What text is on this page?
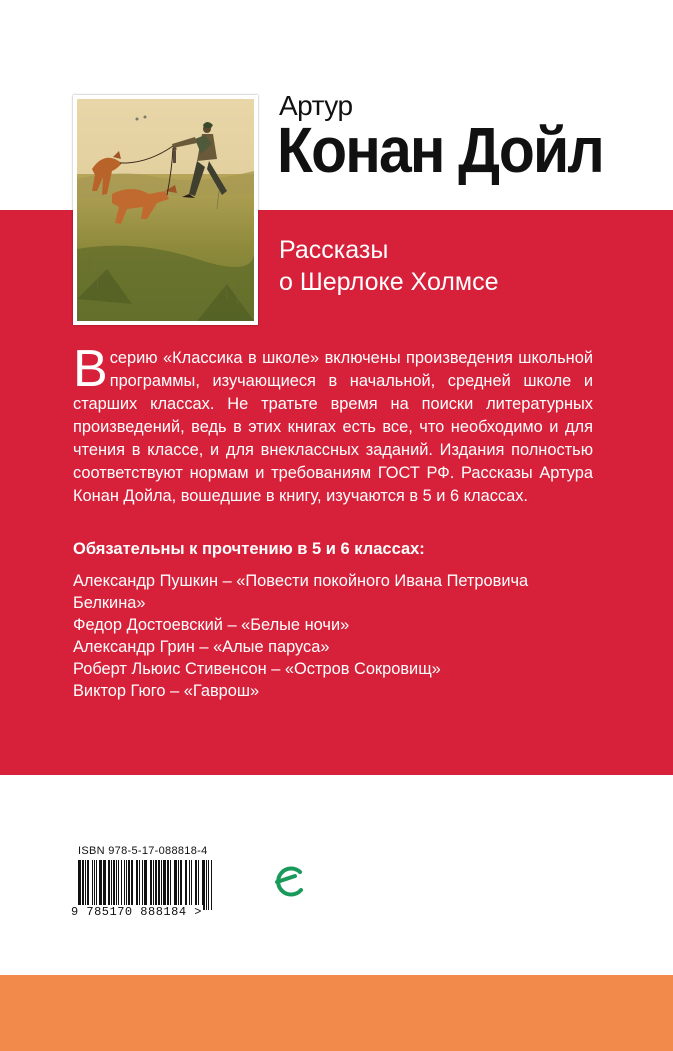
Артур
Конан Дойл
Рассказы
о Шерлоке Холмсе
В серию «Классика в школе» включены произведения школьной программы, изучающиеся в начальной, средней школе и старших классах. Не тратьте время на поиски литературных произведений, ведь в этих книгах есть все, что необходимо и для чтения в классе, и для внеклассных заданий. Издания полностью соответствуют нормам и требованиям ГОСТ РФ. Рассказы Артура Конан Дойла, вошедшие в книгу, изучаются в 5 и 6 классах.

Обязательны к прочтению в 5 и 6 классах:
Александр Пушкин – «Повести покойного Ивана Петровича Белкина»
Федор Достоевский – «Белые ночи»
Александр Грин – «Алые паруса»
Роберт Льюис Стивенсон – «Остров Сокровищ»
Виктор Гюго – «Гаврош»
ISBN 978-5-17-088818-4
9 785170 888184 >
